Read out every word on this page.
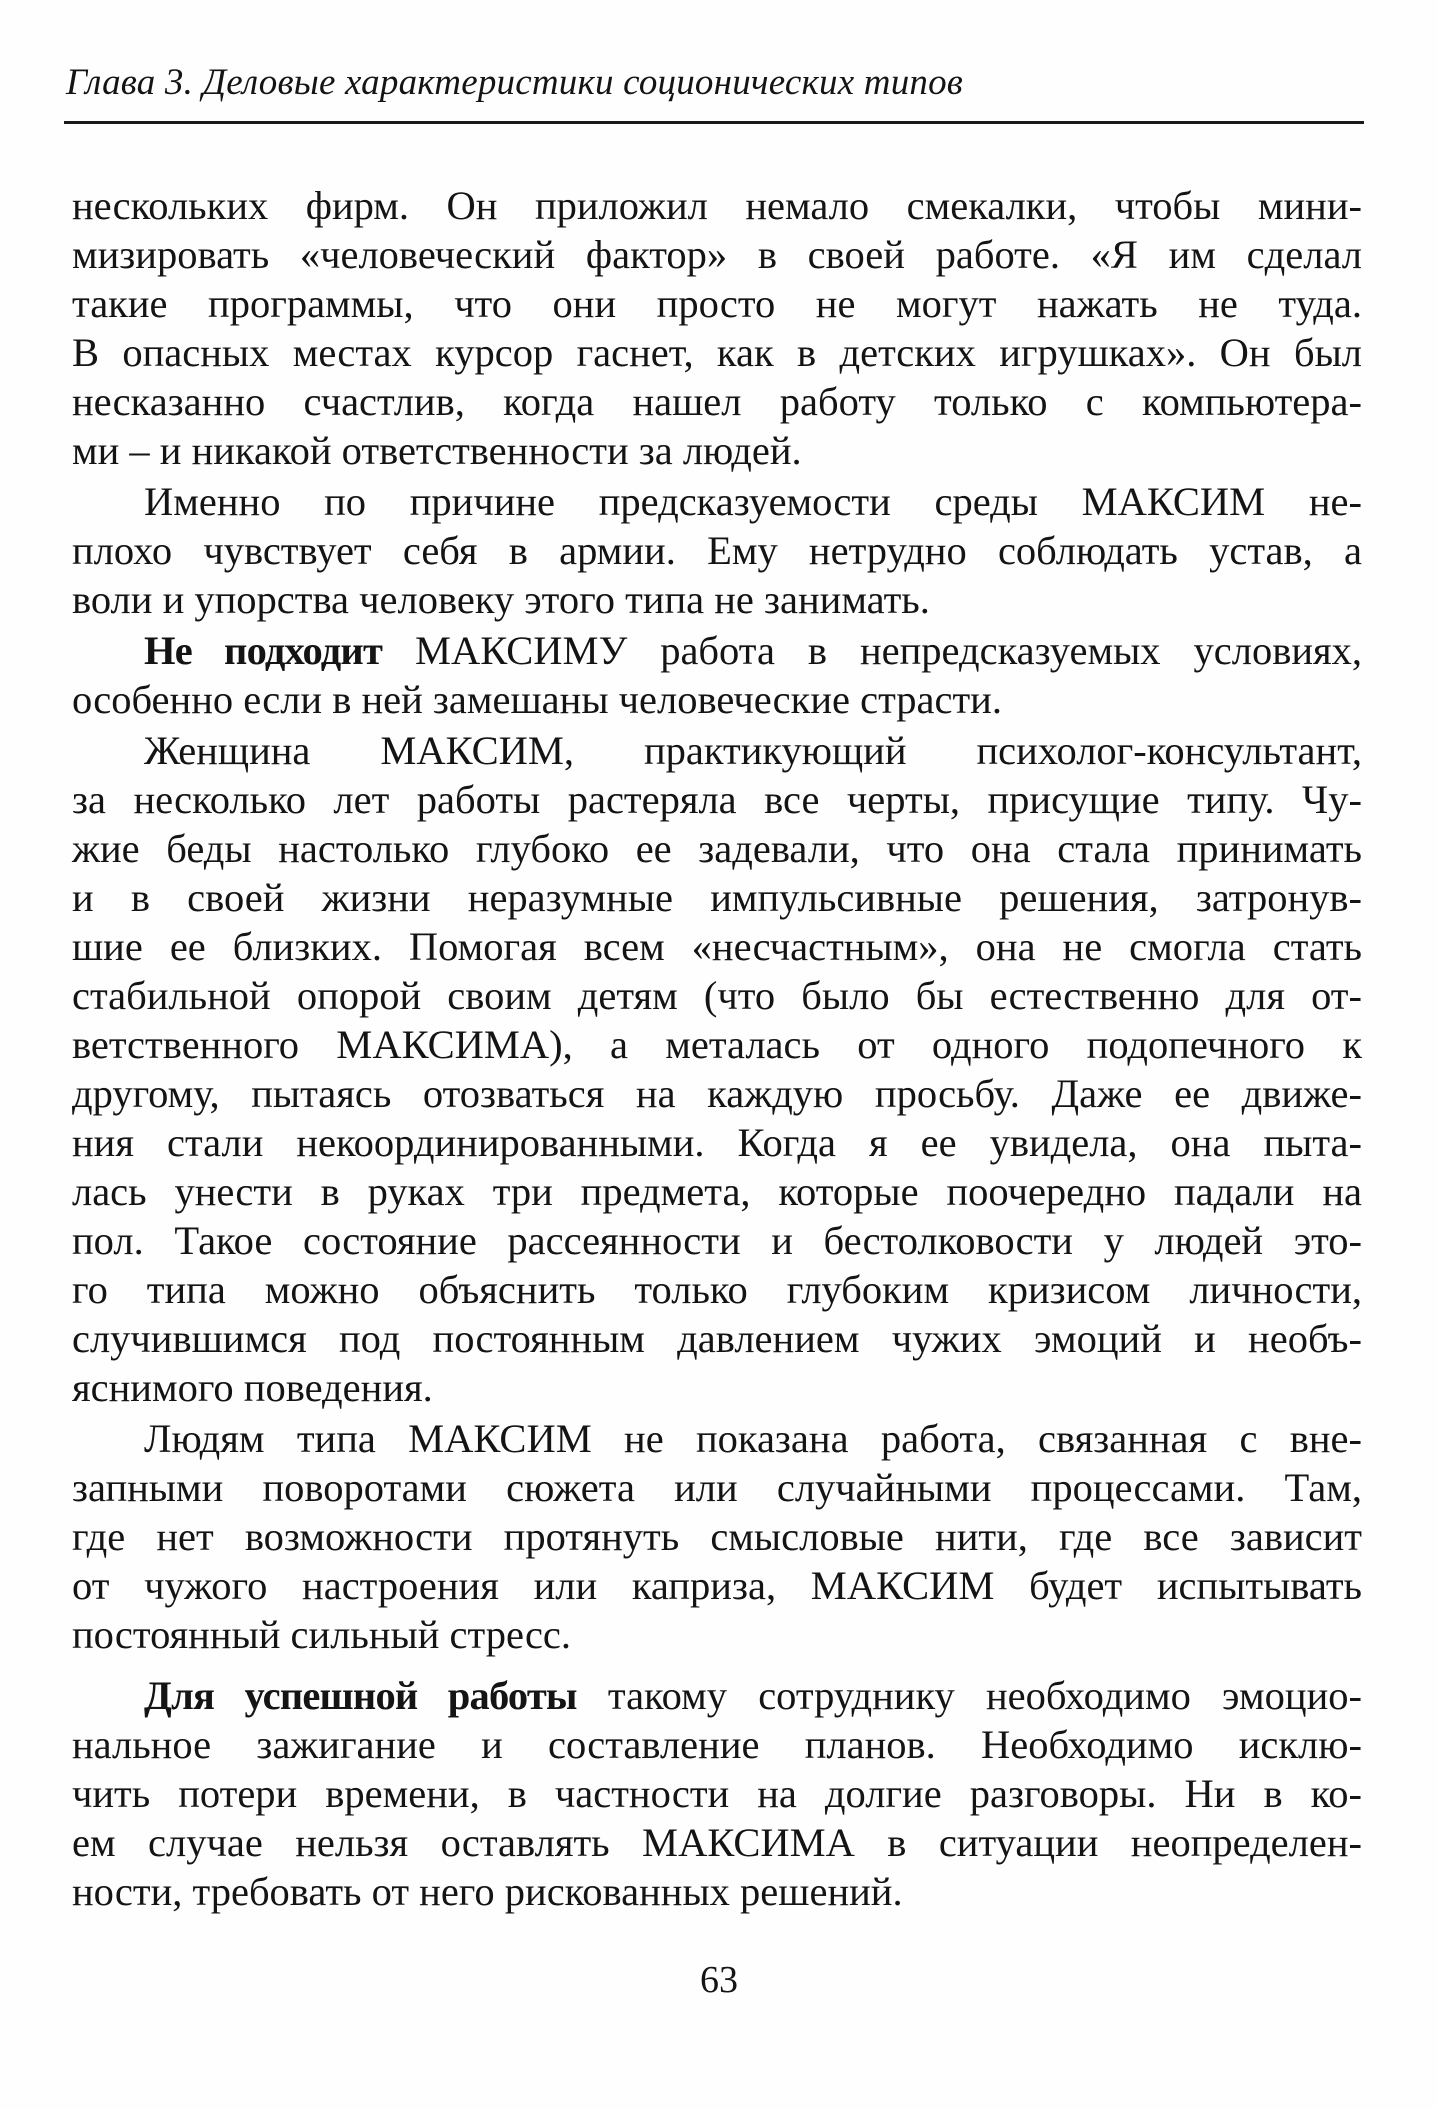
Глава 3. Деловые характеристики соционических типов
нескольких фирм. Он приложил немало смекалки, чтобы мини-
мизировать «человеческий фактор» в своей работе. «Я им сделал
такие программы, что они просто не могут нажать не туда.
В опасных местах курсор гаснет, как в детских игрушках». Он был
несказанно счастлив, когда нашел работу только с компьютера-
ми – и никакой ответственности за людей.
Именно по причине предсказуемости среды МАКСИМ не-
плохо чувствует себя в армии. Ему нетрудно соблюдать устав, а
воли и упорства человеку этого типа не занимать.
Не подходит МАКСИМУ работа в непредсказуемых условиях,
особенно если в ней замешаны человеческие страсти.
Женщина МАКСИМ, практикующий психолог-консультант,
за несколько лет работы растеряла все черты, присущие типу. Чу-
жие беды настолько глубоко ее задевали, что она стала принимать
и в своей жизни неразумные импульсивные решения, затронув-
шие ее близких. Помогая всем «несчастным», она не смогла стать
стабильной опорой своим детям (что было бы естественно для от-
ветственного МАКСИМА), а металась от одного подопечного к
другому, пытаясь отозваться на каждую просьбу. Даже ее движе-
ния стали некоординированными. Когда я ее увидела, она пыта-
лась унести в руках три предмета, которые поочередно падали на
пол. Такое состояние рассеянности и бестолковости у людей это-
го типа можно объяснить только глубоким кризисом личности,
случившимся под постоянным давлением чужих эмоций и необъ-
яснимого поведения.
Людям типа МАКСИМ не показана работа, связанная с вне-
запными поворотами сюжета или случайными процессами. Там,
где нет возможности протянуть смысловые нити, где все зависит
от чужого настроения или каприза, МАКСИМ будет испытывать
постоянный сильный стресс.
Для успешной работы такому сотруднику необходимо эмоцио-
нальное зажигание и составление планов. Необходимо исклю-
чить потери времени, в частности на долгие разговоры. Ни в ко-
ем случае нельзя оставлять МАКСИМА в ситуации неопределен-
ности, требовать от него рискованных решений.
63
